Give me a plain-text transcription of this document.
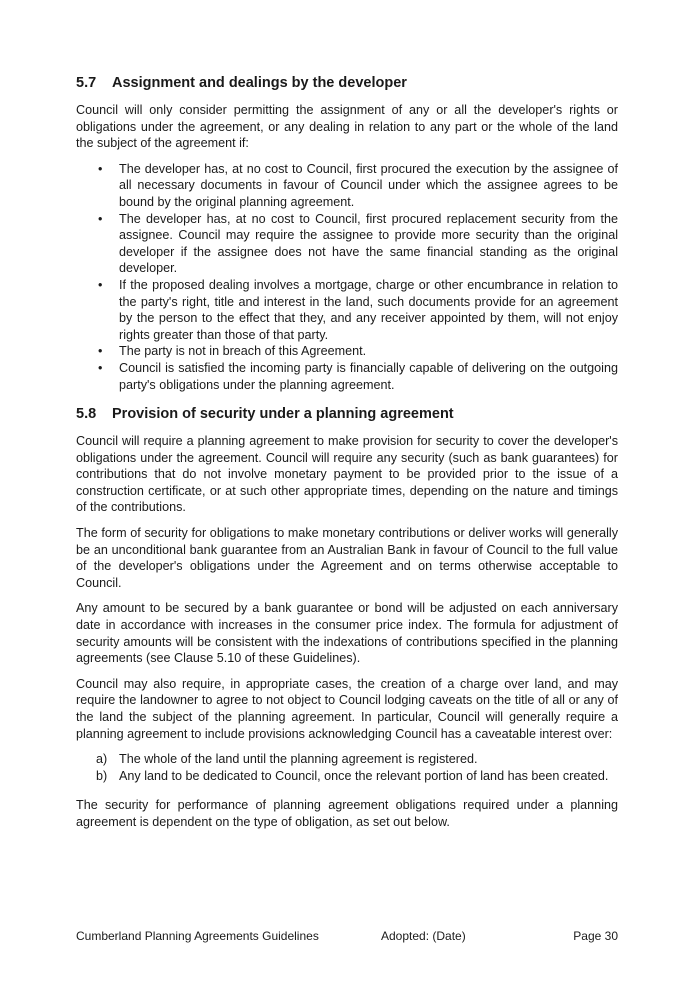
5.7	Assignment and dealings by the developer

Council will only consider permitting the assignment of any or all the developer's rights or obligations under the agreement, or any dealing in relation to any part or the whole of the land the subject of the agreement if:

• The developer has, at no cost to Council, first procured the execution by the assignee of all necessary documents in favour of Council under which the assignee agrees to be bound by the original planning agreement.
• The developer has, at no cost to Council, first procured replacement security from the assignee. Council may require the assignee to provide more security than the original developer if the assignee does not have the same financial standing as the original developer.
• If the proposed dealing involves a mortgage, charge or other encumbrance in relation to the party's right, title and interest in the land, such documents provide for an agreement by the person to the effect that they, and any receiver appointed by them, will not enjoy rights greater than those of that party.
• The party is not in breach of this Agreement.
• Council is satisfied the incoming party is financially capable of delivering on the outgoing party's obligations under the planning agreement.
5.8	Provision of security under a planning agreement

Council will require a planning agreement to make provision for security to cover the developer's obligations under the agreement. Council will require any security (such as bank guarantees) for contributions that do not involve monetary payment to be provided prior to the issue of a construction certificate, or at such other appropriate times, depending on the nature and timings of the contributions.

The form of security for obligations to make monetary contributions or deliver works will generally be an unconditional bank guarantee from an Australian Bank in favour of Council to the full value of the developer's obligations under the Agreement and on terms otherwise acceptable to Council.

Any amount to be secured by a bank guarantee or bond will be adjusted on each anniversary date in accordance with increases in the consumer price index. The formula for adjustment of security amounts will be consistent with the indexations of contributions specified in the planning agreements (see Clause 5.10 of these Guidelines).

Council may also require, in appropriate cases, the creation of a charge over land, and may require the landowner to agree to not object to Council lodging caveats on the title of all or any of the land the subject of the planning agreement. In particular, Council will generally require a planning agreement to include provisions acknowledging Council has a caveatable interest over:

a) The whole of the land until the planning agreement is registered.
b) Any land to be dedicated to Council, once the relevant portion of land has been created.

The security for performance of planning agreement obligations required under a planning agreement is dependent on the type of obligation, as set out below.

Cumberland Planning Agreements Guidelines	Adopted: (Date)	Page 30
